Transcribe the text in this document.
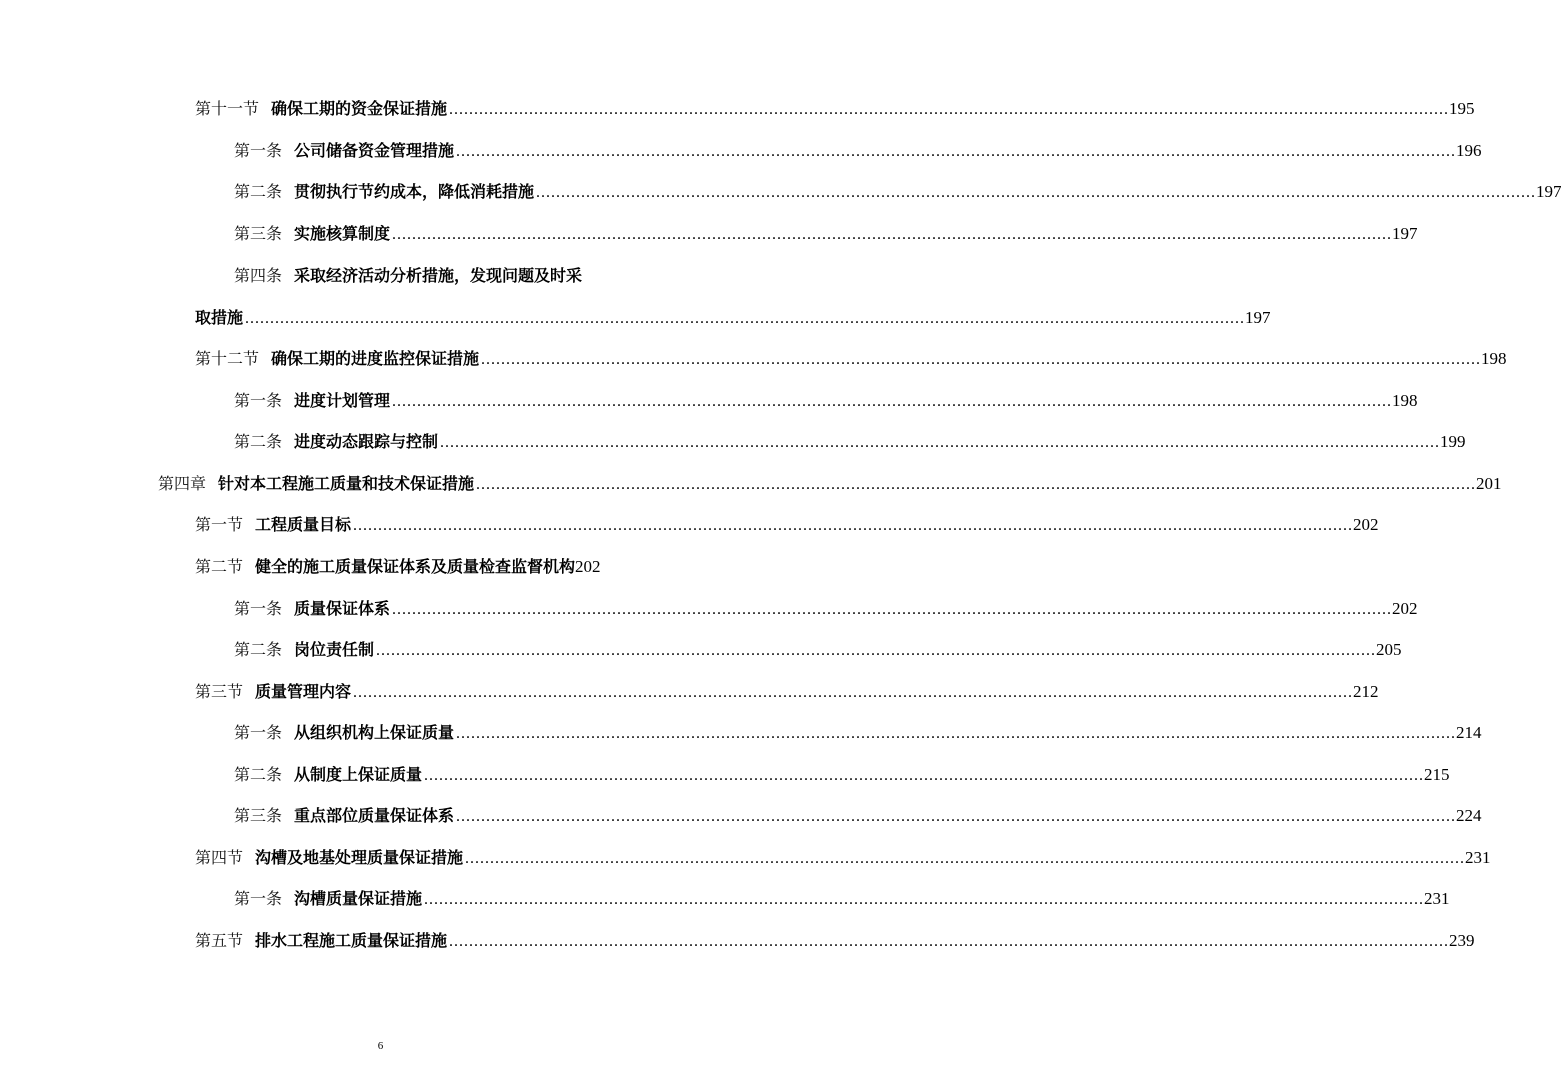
第十一节 确保工期的资金保证措施 ........................................................................................................................................................................................................ 195
第一条 公司储备资金管理措施 ........................................................................................................................................................................................................ 196
第二条 贯彻执行节约成本，降低消耗措施 ........................................................................................................................................................................................................ 197
第三条 实施核算制度 ........................................................................................................................................................................................................ 197
第四条 采取经济活动分析措施，发现问题及时采
取措施 ........................................................................................................................................................................................................ 197
第十二节 确保工期的进度监控保证措施 ........................................................................................................................................................................................................ 198
第一条 进度计划管理 ........................................................................................................................................................................................................ 198
第二条 进度动态跟踪与控制 ........................................................................................................................................................................................................ 199
第四章 针对本工程施工质量和技术保证措施 ........................................................................................................................................................................................................ 201
第一节 工程质量目标 ........................................................................................................................................................................................................ 202
第二节 健全的施工质量保证体系及质量检查监督机构 202
第一条 质量保证体系 ........................................................................................................................................................................................................ 202
第二条 岗位责任制 ........................................................................................................................................................................................................ 205
第三节 质量管理内容 ........................................................................................................................................................................................................ 212
第一条 从组织机构上保证质量 ........................................................................................................................................................................................................ 214
第二条 从制度上保证质量 ........................................................................................................................................................................................................ 215
第三条 重点部位质量保证体系 ........................................................................................................................................................................................................ 224
第四节 沟槽及地基处理质量保证措施 ........................................................................................................................................................................................................ 231
第一条 沟槽质量保证措施 ........................................................................................................................................................................................................ 231
第五节 排水工程施工质量保证措施 ........................................................................................................................................................................................................ 239
6
